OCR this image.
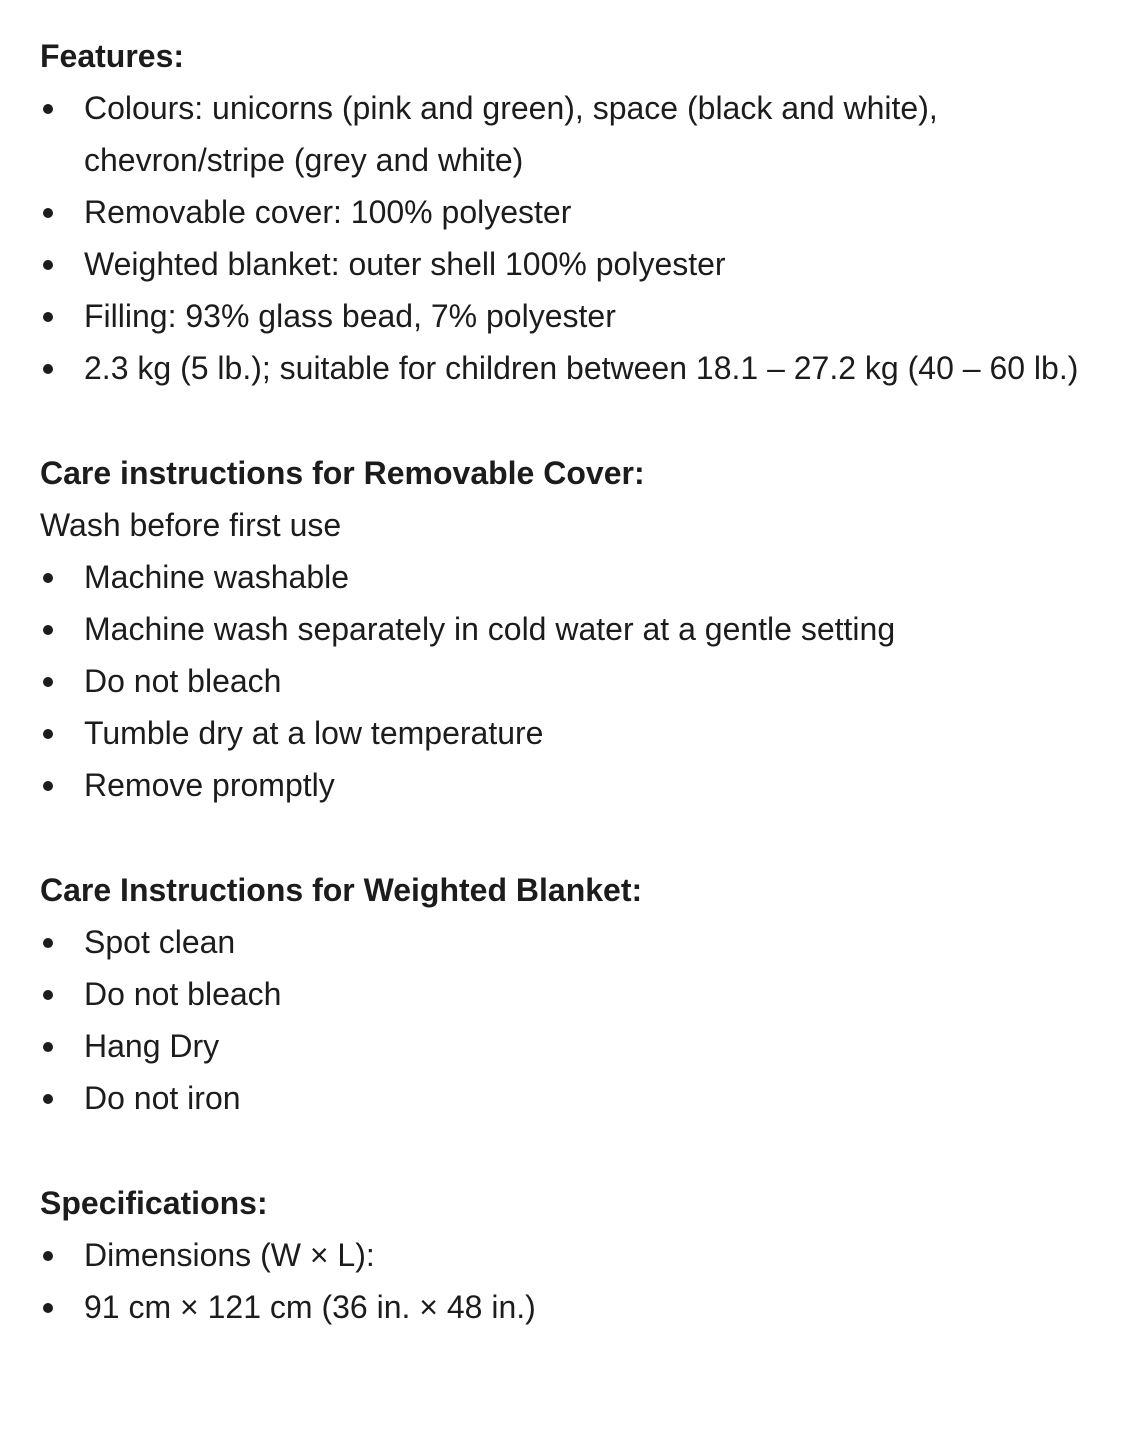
Features:
Colours: unicorns (pink and green), space (black and white), chevron/stripe (grey and white)
Removable cover: 100% polyester
Weighted blanket: outer shell 100% polyester
Filling: 93% glass bead, 7% polyester
2.3 kg (5 lb.); suitable for children between 18.1 – 27.2 kg (40 – 60 lb.)
Care instructions for Removable Cover:

Wash before first use

Machine washable
Machine wash separately in cold water at a gentle setting
Do not bleach
Tumble dry at a low temperature
Remove promptly
Care Instructions for Weighted Blanket:
Spot clean
Do not bleach
Hang Dry
Do not iron
Specifications:
Dimensions (W × L):
91 cm × 121 cm (36 in. × 48 in.)
